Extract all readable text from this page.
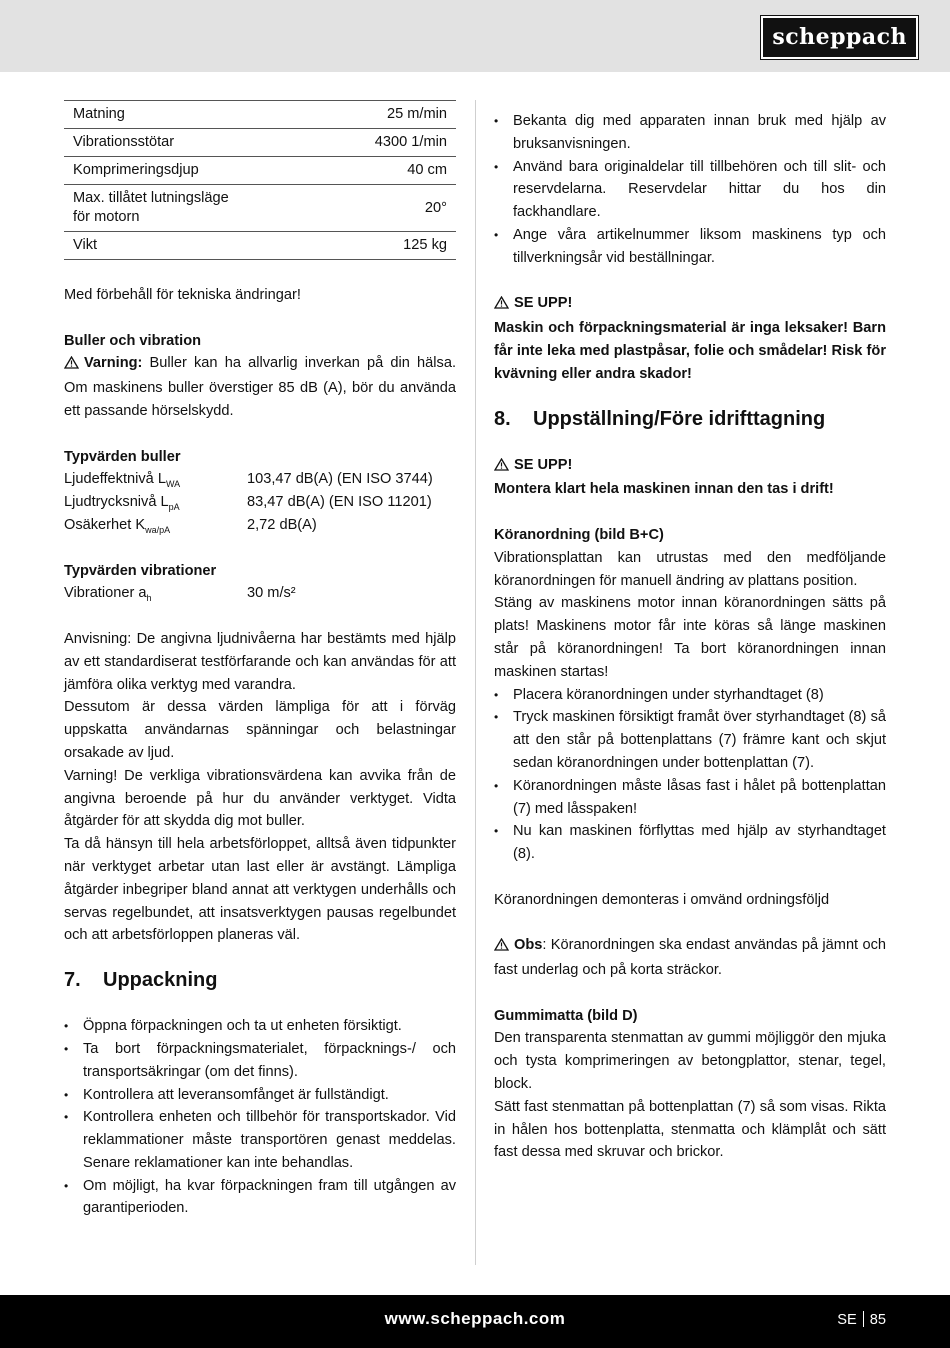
scheppach
Matning	25 m/min
Vibrationsstötar	4300 1/min
Komprimeringsdjup	40 cm
Max. tillåtet lutningsläge
för motorn	20°
Vikt	125 kg

Med förbehåll för tekniska ändringar!

Buller och vibration

Varning: Buller kan ha allvarlig inverkan på din hälsa. Om maskinens buller överstiger 85 dB (A), bör du använda ett passande hörselskydd.

Typvärden buller

Ljudeffektnivå $L_{WA}$	103,47 dB(A) (EN ISO 3744)
Ljudtrycksnivå $L_{pA}$	83,47 dB(A) (EN ISO 11201)
Osäkerhet $K_{wa/pA}$	2,72 dB(A)

Typvärden vibrationer

Vibrationer $a_h$	30 m/s²

Anvisning: De angivna ljudnivåerna har bestämts med hjälp av ett standardiserat testförfarande och kan användas för att jämföra olika verktyg med varandra.

Dessutom är dessa värden lämpliga för att i förväg uppskatta användarnas spänningar och belastningar orsakade av ljud.

Varning! De verkliga vibrationsvärdena kan avvika från de angivna beroende på hur du använder verktyget. Vidta åtgärder för att skydda dig mot buller.

Ta då hänsyn till hela arbetsförloppet, alltså även tidpunkter när verktyget arbetar utan last eller är avstängt. Lämpliga åtgärder inbegriper bland annat att verktygen underhålls och servas regelbundet, att insatsverktygen pausas regelbundet och att arbetsförloppen planeras väl.

7.	Uppackning
• Öppna förpackningen och ta ut enheten försiktigt.
• Ta bort förpackningsmaterialet, förpacknings-/ och transportsäkringar (om det finns).
• Kontrollera att leveransomfånget är fullständigt.
• Kontrollera enheten och tillbehör för transportskador. Vid reklammationer måste transportören genast meddelas. Senare reklamationer kan inte behandlas.
• Om möjligt, ha kvar förpackningen fram till utgången av garantiperioden.
• Bekanta dig med apparaten innan bruk med hjälp av bruksanvisningen.
• Använd bara originaldelar till tillbehören och till slit- och reservdelarna. Reservdelar hittar du hos din fackhandlare.
• Ange våra artikelnummer liksom maskinens typ och tillverkningsår vid beställningar.

SE UPP!

Maskin och förpackningsmaterial är inga leksaker! Barn får inte leka med plastpåsar, folie och smådelar! Risk för kvävning eller andra skador!

8.	Uppställning/Före idrifttagning

SE UPP!

Montera klart hela maskinen innan den tas i drift!

Köranordning (bild B+C)

Vibrationsplattan kan utrustas med den medföljande köranordningen för manuell ändring av plattans position.

Stäng av maskinens motor innan köranordningen sätts på plats! Maskinens motor får inte köras så länge maskinen står på köranordningen! Ta bort köranordningen innan maskinen startas!

• Placera köranordningen under styrhandtaget (8)
• Tryck maskinen försiktigt framåt över styrhandtaget (8) så att den står på bottenplattans (7) främre kant och skjut sedan köranordningen under bottenplattan (7).
• Köranordningen måste låsas fast i hålet på bottenplattan (7) med låsspaken!
• Nu kan maskinen förflyttas med hjälp av styrhandtaget (8).

Köranordningen demonteras i omvänd ordningsföljd

Obs: Köranordningen ska endast användas på jämnt och fast underlag och på korta sträckor.

Gummimatta (bild D)

Den transparenta stenmattan av gummi möjliggör den mjuka och tysta komprimeringen av betongplattor, stenar, tegel, block.

Sätt fast stenmattan på bottenplattan (7) så som visas. Rikta in hålen hos bottenplatta, stenmatta och klämplåt och sätt fast dessa med skruvar och brickor.

www.scheppach.com	SE 85
